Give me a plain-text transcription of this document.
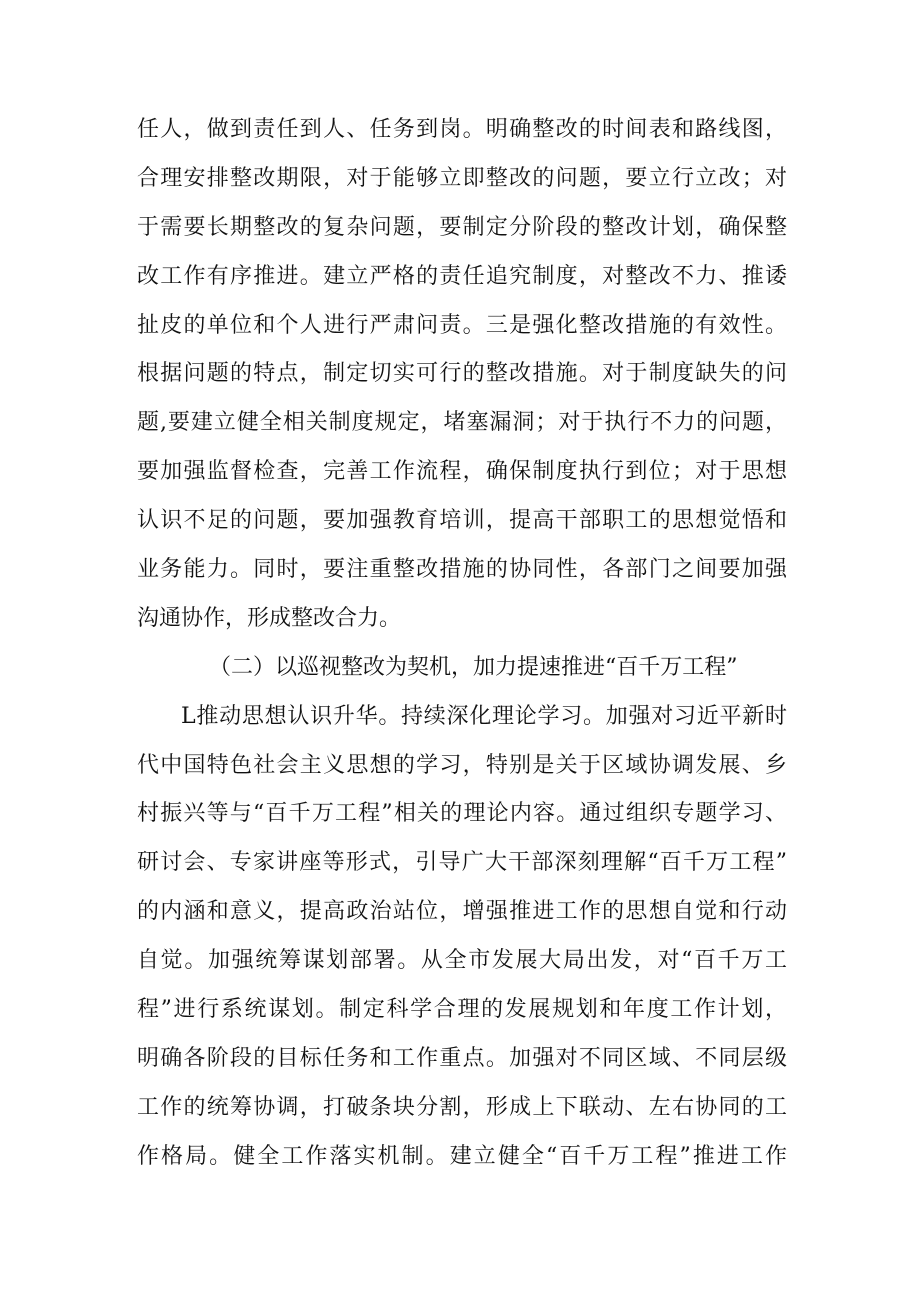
任人，做到责任到人、任务到岗。明确整改的时间表和路线图，
合理安排整改期限，对于能够立即整改的问题，要立行立改；对
于需要长期整改的复杂问题，要制定分阶段的整改计划，确保整
改工作有序推进。建立严格的责任追究制度，对整改不力、推诿
扯皮的单位和个人进行严肃问责。三是强化整改措施的有效性。
根据问题的特点，制定切实可行的整改措施。对于制度缺失的问
题,要建立健全相关制度规定，堵塞漏洞；对于执行不力的问题，
要加强监督检查，完善工作流程，确保制度执行到位；对于思想
认识不足的问题，要加强教育培训，提高干部职工的思想觉悟和
业务能力。同时，要注重整改措施的协同性，各部门之间要加强
沟通协作，形成整改合力。
（二）以巡视整改为契机，加力提速推进“百千万工程”
L推动思想认识升华。持续深化理论学习。加强对习近平新时
代中国特色社会主义思想的学习，特别是关于区域协调发展、乡
村振兴等与“百千万工程”相关的理论内容。通过组织专题学习、
研讨会、专家讲座等形式，引导广大干部深刻理解“百千万工程”
的内涵和意义，提高政治站位，增强推进工作的思想自觉和行动
自觉。加强统筹谋划部署。从全市发展大局出发，对“百千万工
程”进行系统谋划。制定科学合理的发展规划和年度工作计划，
明确各阶段的目标任务和工作重点。加强对不同区域、不同层级
工作的统筹协调，打破条块分割，形成上下联动、左右协同的工
作格局。健全工作落实机制。建立健全“百千万工程”推进工作
